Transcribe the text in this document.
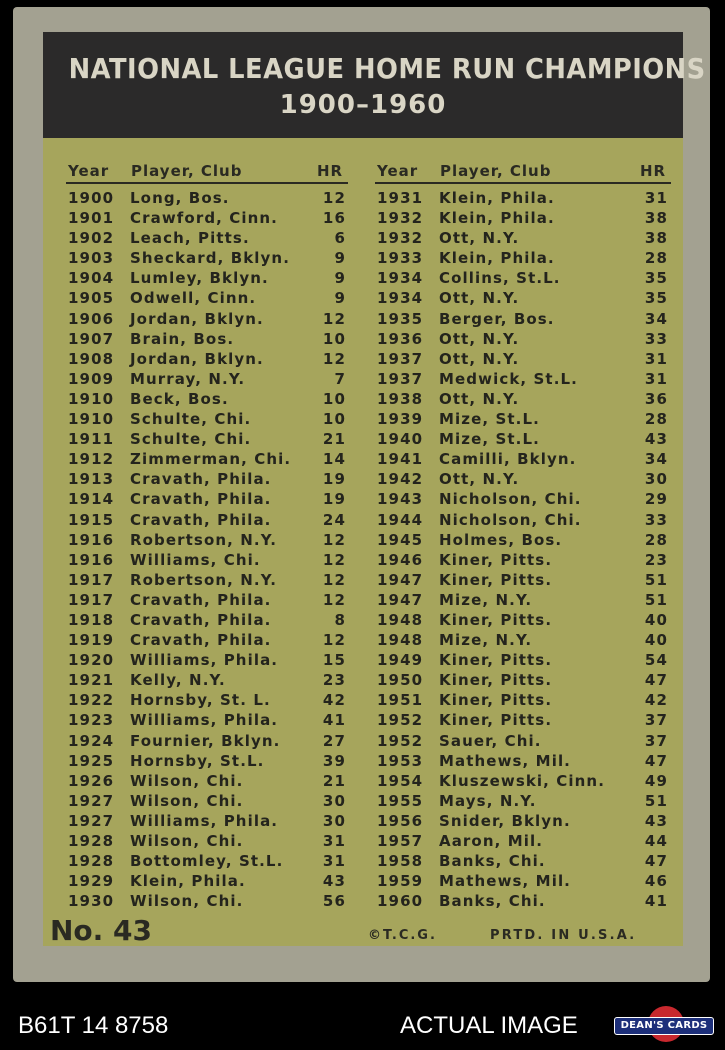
NATIONAL LEAGUE HOME RUN CHAMPIONS
1900–1960
Year Player, Club	HR Year Player, Club	HR
1900 Long, Bos.	12
1901 Crawford, Cinn.	16
1902 Leach, Pitts.	6
1903 Sheckard, Bklyn.	9
1904 Lumley, Bklyn.	9
1905 Odwell, Cinn.	9
1906 Jordan, Bklyn.	12
1907 Brain, Bos.	10
1908 Jordan, Bklyn.	12
1909 Murray, N.Y.	7
1910 Beck, Bos.	10
1910 Schulte, Chi.	10
1911 Schulte, Chi.	21
1912 Zimmerman, Chi. 14
1913 Cravath, Phila.	19
1914 Cravath, Phila.	19
1915 Cravath, Phila.	24
1916 Robertson, N.Y.	12
1916 Williams, Chi.	12
1917 Robertson, N.Y.	12
1917 Cravath, Phila.	12
1918 Cravath, Phila.	8
1919 Cravath, Phila.	12
1920 Williams, Phila.	15
1921 Kelly, N.Y.	23
1922 Hornsby, St. L.	42
1923 Williams, Phila.	41
1924 Fournier, Bklyn.	27
1925 Hornsby, St.L.	39
1926 Wilson, Chi.	21
1927 Wilson, Chi.	30
1927 Williams, Phila.	30
1928 Wilson, Chi.	31
1928 Bottomley, St.L.	31
1929 Klein, Phila.	43
1930 Wilson, Chi.	56
1931 Klein, Phila.	31
1932 Klein, Phila.	38
1932 Ott, N.Y.	38
1933 Klein, Phila.	28
1934 Collins, St.L.	35
1934 Ott, N.Y.	35
1935 Berger, Bos.	34
1936 Ott, N.Y.	33
1937 Ott, N.Y.	31
1937 Medwick, St.L.	31
1938 Ott, N.Y.	36
1939 Mize, St.L.	28
1940 Mize, St.L.	43
1941 Camilli, Bklyn.	34
1942 Ott, N.Y.	30
1943 Nicholson, Chi.	29
1944 Nicholson, Chi.	33
1945 Holmes, Bos.	28
1946 Kiner, Pitts.	23
1947 Kiner, Pitts.	51
1947 Mize, N.Y.	51
1948 Kiner, Pitts.	40
1948 Mize, N.Y.	40
1949 Kiner, Pitts.	54
1950 Kiner, Pitts.	47
1951 Kiner, Pitts.	42
1952 Kiner, Pitts.	37
1952 Sauer, Chi.	37
1953 Mathews, Mil.	47
1954 Kluszewski, Cinn.	49
1955 Mays, N.Y.	51
1956 Snider, Bklyn.	43
1957 Aaron, Mil.	44
1958 Banks, Chi.	47
1959 Mathews, Mil.	46
1960 Banks, Chi.	41
No. 43	©T.C.G.	PRTD. IN U.S.A.
B61T 14 8758	ACTUAL IMAGE	DEAN'S CARDS
